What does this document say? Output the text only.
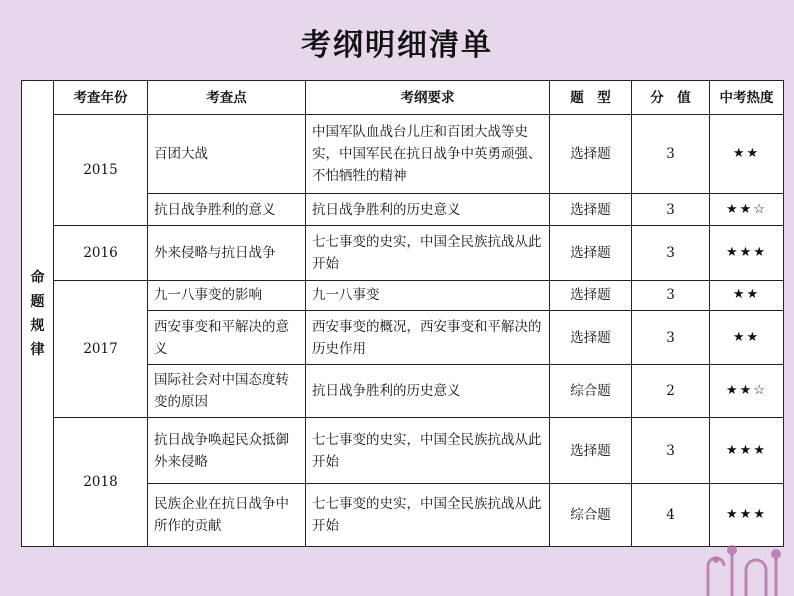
考纲明细清单
命
题
规
律	考查年份	考查点	考纲要求	题　型	分　值	中考热度
	2015	百团大战	中国军队血战台儿庄和百团大战等史实，中国军民在抗日战争中英勇顽强、不怕牺牲的精神	选择题	3	★★
		抗日战争胜利的意义	抗日战争胜利的历史意义	选择题	3	★★☆
	2016	外来侵略与抗日战争	七七事变的史实，中国全民族抗战从此开始	选择题	3	★★★
	2017	九一八事变的影响	九一八事变	选择题	3	★★
		西安事变和平解决的意义	西安事变的概况，西安事变和平解决的历史作用	选择题	3	★★
		国际社会对中国态度转变的原因	抗日战争胜利的历史意义	综合题	2	★★☆
	2018	抗日战争唤起民众抵御外来侵略	七七事变的史实，中国全民族抗战从此开始	选择题	3	★★★
		民族企业在抗日战争中所作的贡献	七七事变的史实，中国全民族抗战从此开始	综合题	4	★★★
